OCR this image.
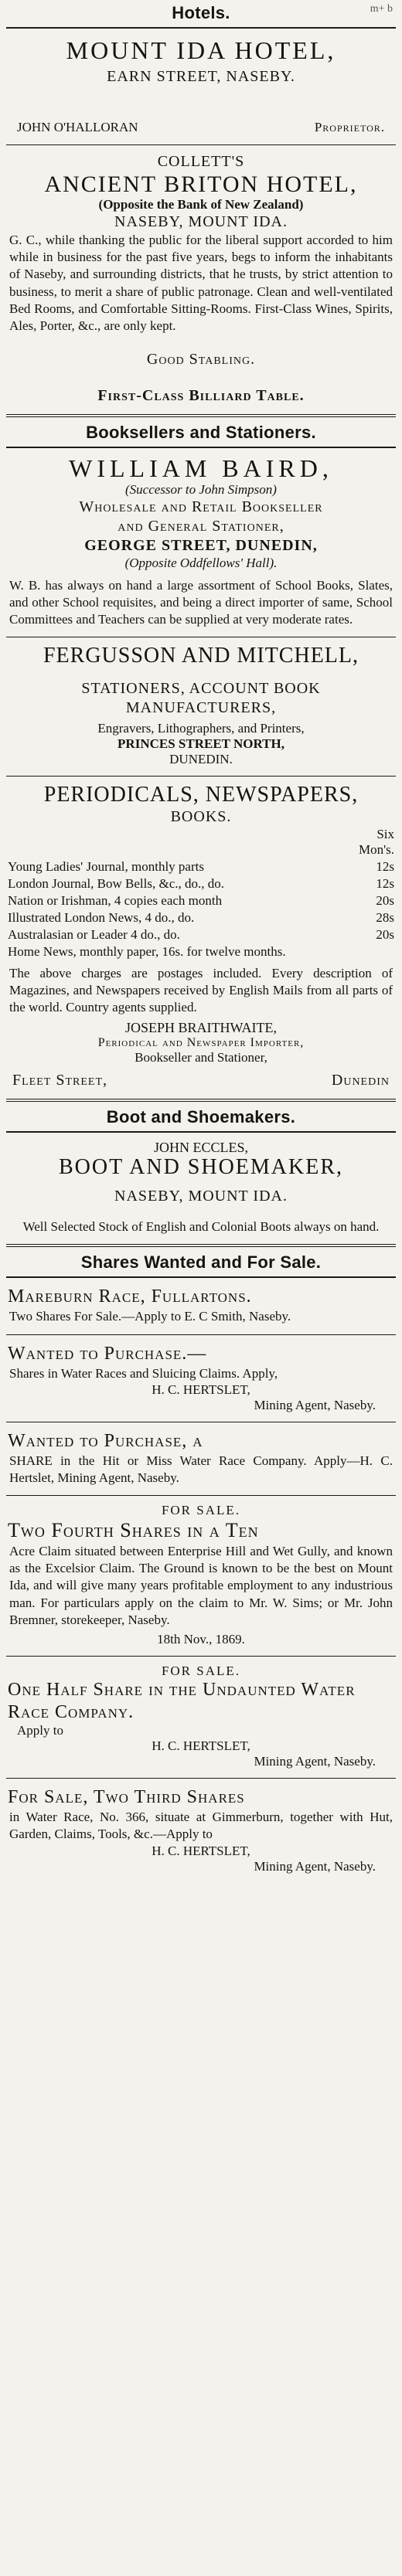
m+ b
Hotels.
MOUNT IDA HOTEL,
EARN STREET, NASEBY.
JOHN O'HALLORAN	Proprietor.
COLLETT'S
ANCIENT BRITON HOTEL,
(Opposite the Bank of New Zealand)
NASEBY, MOUNT IDA.
G. C., while thanking the public for the liberal support accorded to him while in business for the past five years, begs to inform the inhabitants of Naseby, and surrounding districts, that he trusts, by strict attention to business, to merit a share of public patronage. Clean and well-ventilated Bed Rooms, and Comfortable Sitting-Rooms. First-Class Wines, Spirits, Ales, Porter, &c., are only kept.
Good Stabling.
First-Class Billiard Table.
Booksellers and Stationers.
WILLIAM BAIRD,
(Successor to John Simpson)
Wholesale and Retail Bookseller
and General Stationer,
GEORGE STREET, DUNEDIN,
(Opposite Oddfellows' Hall).
W. B. has always on hand a large assortment of School Books, Slates, and other School requisites, and being a direct importer of same, School Committees and Teachers can be supplied at very moderate rates.
FERGUSSON AND MITCHELL,
STATIONERS, ACCOUNT BOOK MANUFACTURERS,
Engravers, Lithographers, and Printers,
PRINCES STREET NORTH,
DUNEDIN.
PERIODICALS, NEWSPAPERS,
BOOKS.
Six
Mon's.
Young Ladies' Journal, monthly parts	12s
London Journal, Bow Bells, &c., do., do.	12s
Nation or Irishman, 4 copies each month	20s
Illustrated London News, 4 do., do.	28s
Australasian or Leader 4 do., do.	20s
Home News, monthly paper, 16s. for twelve months.
The above charges are postages included. Every description of Magazines, and Newspapers received by English Mails from all parts of the world. Country agents supplied.
JOSEPH BRAITHWAITE,
Periodical and Newspaper Importer,
Bookseller and Stationer,
Fleet Street,	Dunedin
Boot and Shoemakers.
JOHN ECCLES,
BOOT AND SHOEMAKER,
NASEBY, MOUNT IDA.
Well Selected Stock of English and Colonial Boots always on hand.
Shares Wanted and For Sale.
Mareburn Race, Fullartons.
Two Shares For Sale.—Apply to E. C Smith, Naseby.
Wanted to Purchase.—
Shares in Water Races and Sluicing Claims. Apply,
H. C. HERTSLET,
Mining Agent, Naseby.
Wanted to Purchase, a
SHARE in the Hit or Miss Water Race Company. Apply—H. C. Hertslet, Mining Agent, Naseby.
FOR SALE.
Two Fourth Shares in a Ten
Acre Claim situated between Enterprise Hill and Wet Gully, and known as the Excelsior Claim. The Ground is known to be the best on Mount Ida, and will give many years profitable employment to any industrious man. For particulars apply on the claim to Mr. W. Sims; or Mr. John Bremner, storekeeper, Naseby.
18th Nov., 1869.
FOR SALE.
One Half Share in the Undaunted Water Race Company.
Apply to
H. C. HERTSLET,
Mining Agent, Naseby.
For Sale, Two Third Shares
in Water Race, No. 366, situate at Gimmerburn, together with Hut, Garden, Claims, Tools, &c.—Apply to
H. C. HERTSLET,
Mining Agent, Naseby.
